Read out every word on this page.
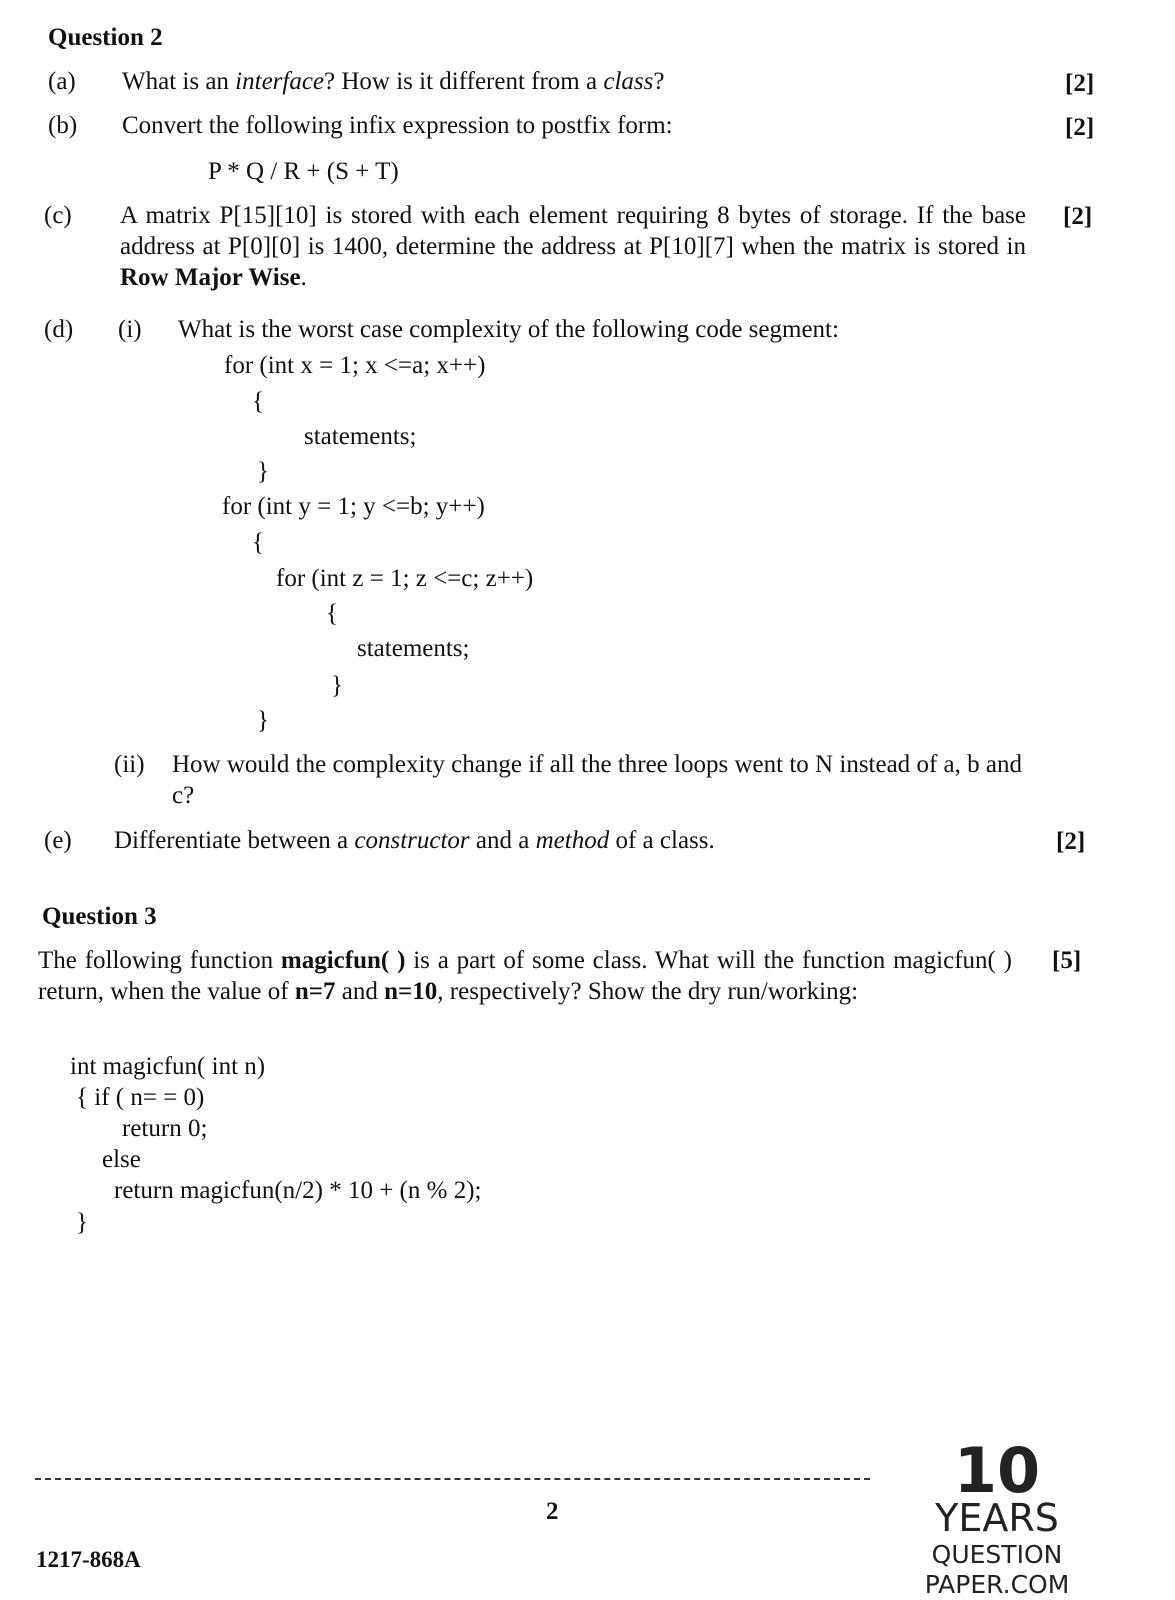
Question 2
(a) What is an interface? How is it different from a class?	[2]
(b) Convert the following infix expression to postfix form:	[2]
P * Q / R + (S + T)
(c) A matrix P[15][10] is stored with each element requiring 8 bytes of storage. If the base address at P[0][0] is 1400, determine the address at P[10][7] when the matrix is stored in Row Major Wise.
[2]
(d) (i) What is the worst case complexity of the following code segment:
for (int x = 1; x <=a; x++)
{
statements;
}
for (int y = 1; y <=b; y++)
{
for (int z = 1; z <=c; z++)
{
statements;
}
}
(ii) How would the complexity change if all the three loops went to N instead of a, b and c?
(e) Differentiate between a constructor and a method of a class.	[2]
Question 3
The following function magicfun( ) is a part of some class. What will the function magicfun( ) return, when the value of n=7 and n=10, respectively? Show the dry run/working:
[5]
int magicfun( int n)
{ if ( n= = 0)
return 0;
else
return magicfun(n/2) * 10 + (n % 2);
}
2
1217-868A
10
YEARS
QUESTION PAPER.COM
